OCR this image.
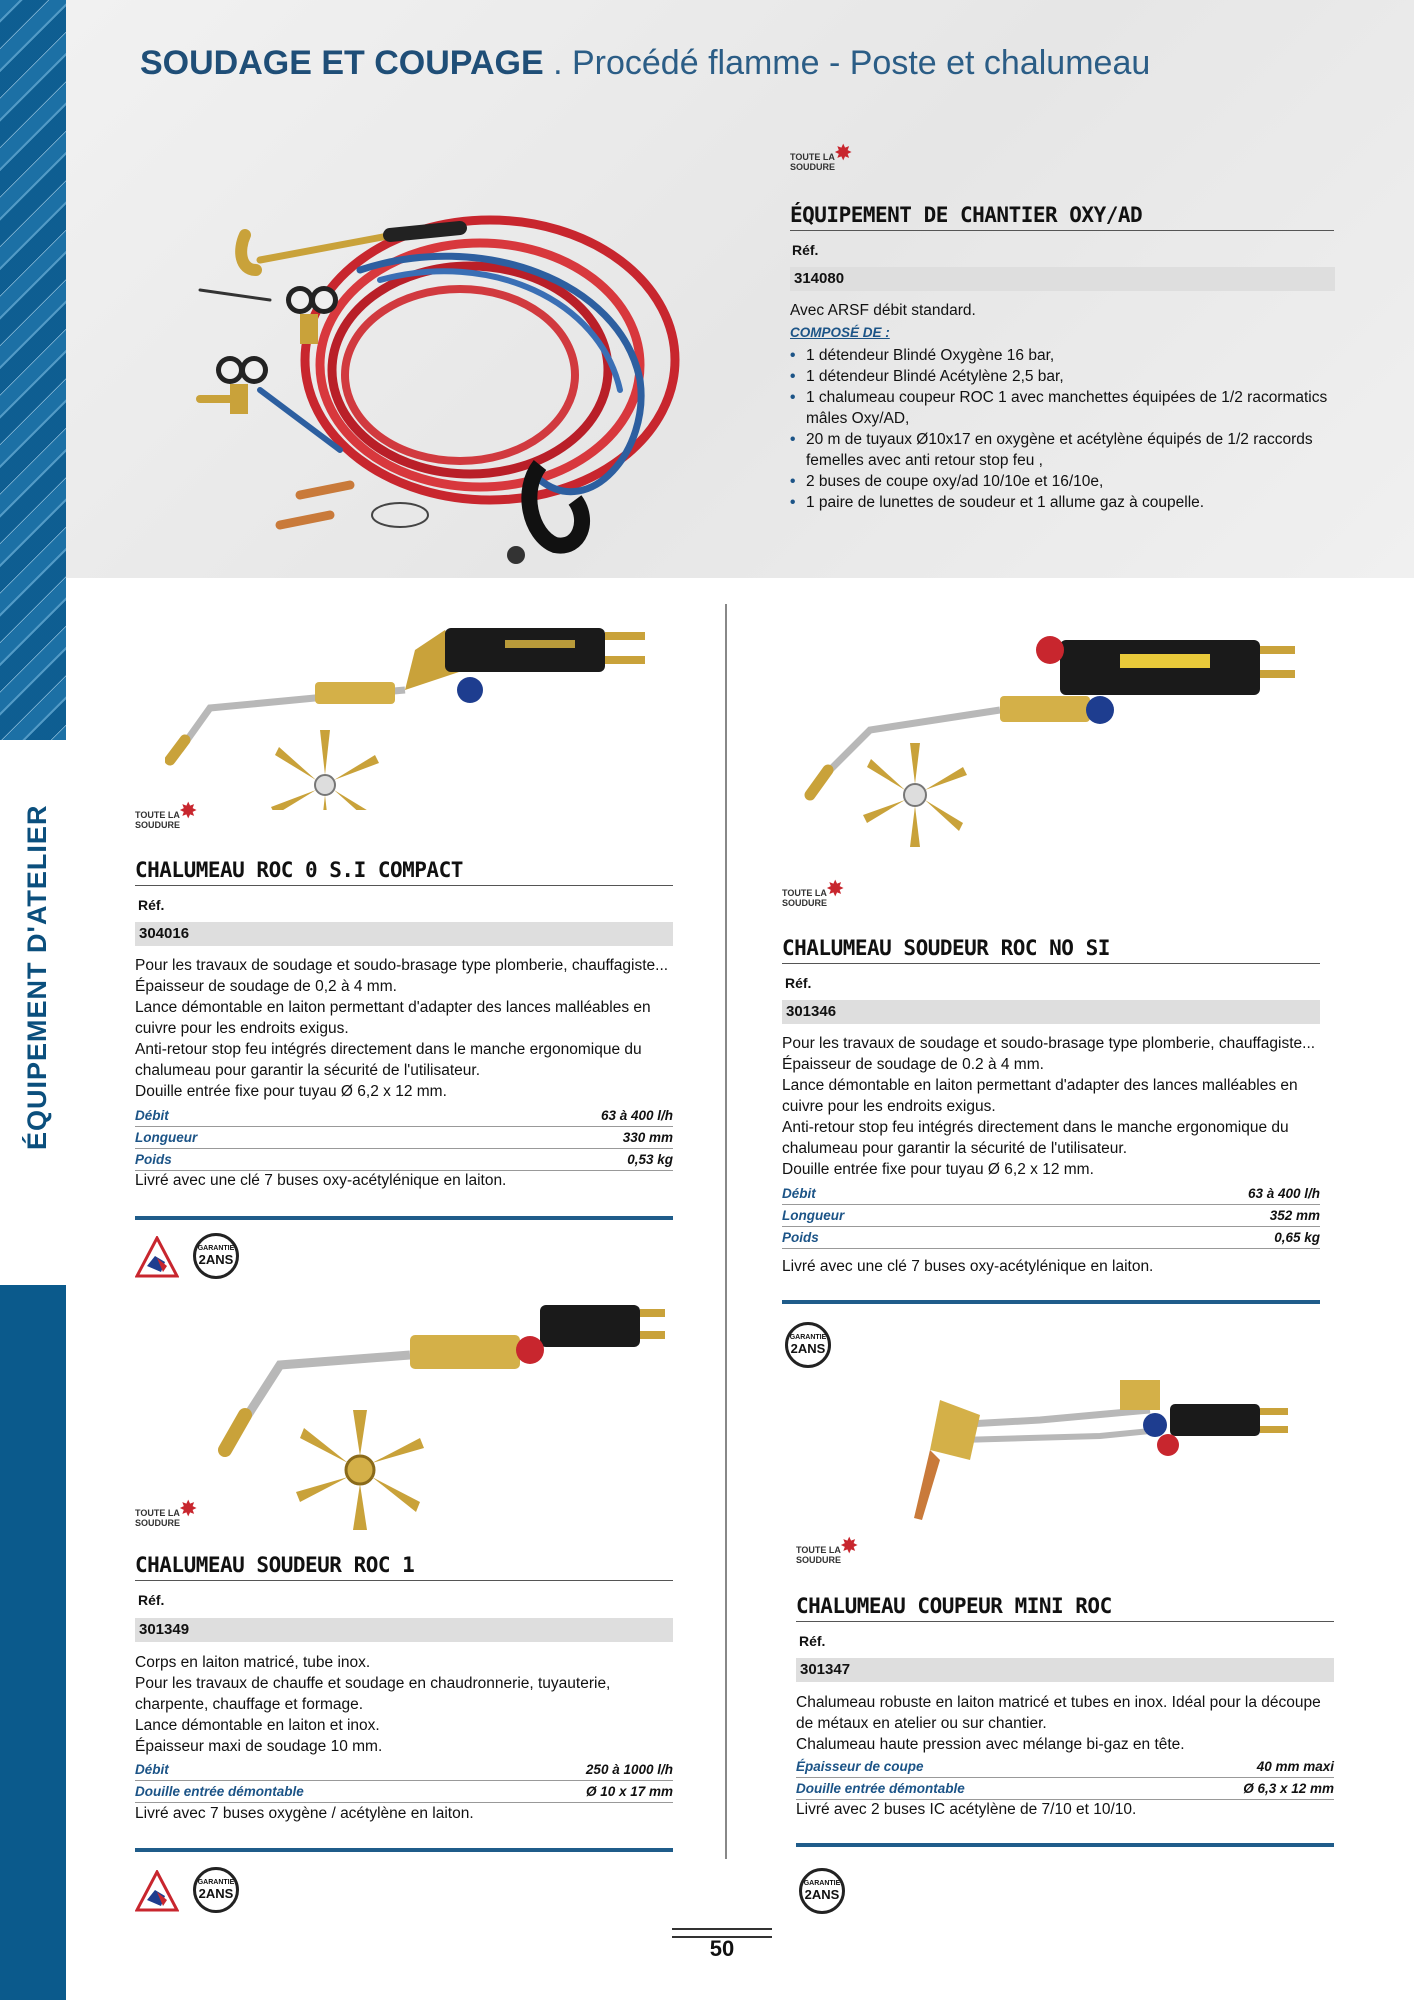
ÉQUIPEMENT D'ATELIER
SOUDAGE ET COUPAGE . Procédé flamme - Poste et chalumeau
TOUTE LA
SOUDURE
✸
ÉQUIPEMENT DE CHANTIER OXY/AD
Réf.
314080
Avec ARSF débit standard.
COMPOSÉ DE :
• 1 détendeur Blindé Oxygène 16 bar,
• 1 détendeur Blindé Acétylène 2,5 bar,
• 1 chalumeau coupeur ROC 1 avec manchettes équipées de 1/2 racormatics mâles Oxy/AD,
• 20 m de tuyaux Ø10x17 en oxygène et acétylène équipés de 1/2 raccords femelles avec anti retour stop feu ,
• 2 buses de coupe oxy/ad 10/10e et 16/10e,
• 1 paire de lunettes de soudeur et 1 allume gaz à coupelle.
TOUTE LA
SOUDURE
✸
CHALUMEAU ROC 0 S.I COMPACT
Réf.
304016

Pour les travaux de soudage et soudo-brasage type plomberie, chauffagiste...

Épaisseur de soudage de 0,2 à 4 mm.

Lance démontable en laiton permettant d'adapter des lances malléables en cuivre pour les endroits exigus.

Anti-retour stop feu intégrés directement dans le manche ergonomique du chalumeau pour garantir la sécurité de l'utilisateur.

Douille entrée fixe pour tuyau Ø 6,2 x 12 mm.

Débit	63 à 400 l/h
Longueur	330 mm
Poids	0,53 kg
Livré avec une clé 7 buses oxy-acétylénique en laiton.
GARANTIE
2ANS
TOUTE LA
SOUDURE
✸
CHALUMEAU SOUDEUR ROC NO SI
Réf.
301346

Pour les travaux de soudage et soudo-brasage type plomberie, chauffagiste...

Épaisseur de soudage de 0.2 à 4 mm.

Lance démontable en laiton permettant d'adapter des lances malléables en cuivre pour les endroits exigus.

Anti-retour stop feu intégrés directement dans le manche ergonomique du chalumeau pour garantir la sécurité de l'utilisateur.

Douille entrée fixe pour tuyau Ø 6,2 x 12 mm.

Débit	63 à 400 l/h
Longueur	352 mm
Poids	0,65 kg
Livré avec une clé 7 buses oxy-acétylénique en laiton.
GARANTIE
2ANS
TOUTE LA
SOUDURE
✸
CHALUMEAU SOUDEUR ROC 1
Réf.
301349

Corps en laiton matricé, tube inox.

Pour les travaux de chauffe et soudage en chaudronnerie, tuyauterie, charpente, chauffage et formage.

Lance démontable en laiton et inox.

Épaisseur maxi de soudage 10 mm.

Débit	250 à 1000 l/h
Douille entrée démontable	Ø 10 x 17 mm
Livré avec 7 buses oxygène / acétylène en laiton.
GARANTIE
2ANS
TOUTE LA
SOUDURE
✸
CHALUMEAU COUPEUR MINI ROC
Réf.
301347

Chalumeau robuste en laiton matricé et tubes en inox. Idéal pour la découpe de métaux en atelier ou sur chantier.

Chalumeau haute pression avec mélange bi-gaz en tête.

Épaisseur de coupe	40 mm maxi
Douille entrée démontable	Ø 6,3 x 12 mm
Livré avec 2 buses IC acétylène de 7/10 et 10/10.
GARANTIE
2ANS
50
